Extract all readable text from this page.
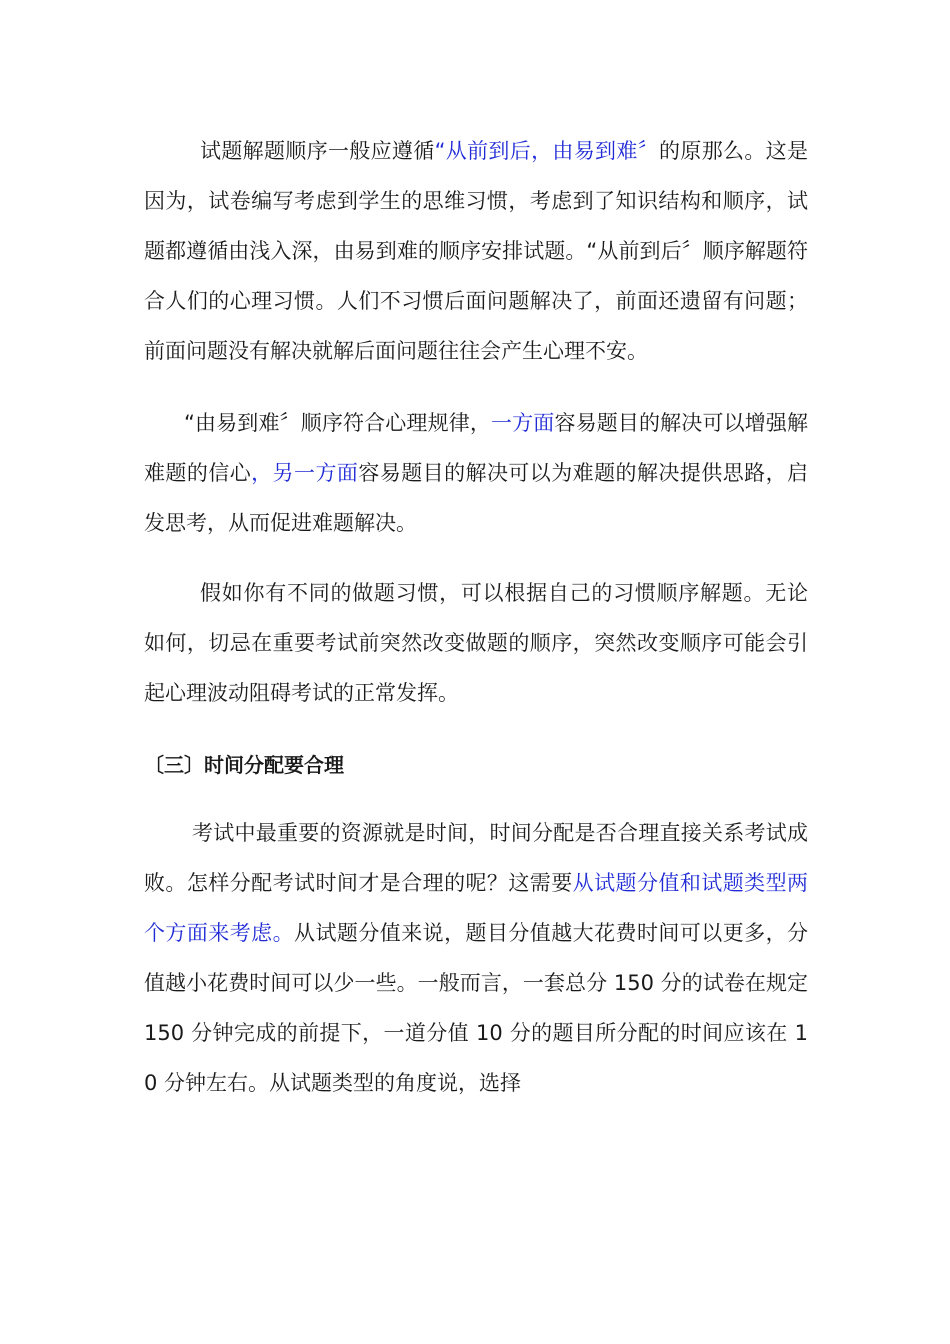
试题解题顺序一般应遵循“从前到后，由易到难〞的原那么。这是因为，试卷编写考虑到学生的思维习惯，考虑到了知识结构和顺序，试题都遵循由浅入深，由易到难的顺序安排试题。“从前到后〞顺序解题符合人们的心理习惯。人们不习惯后面问题解决了，前面还遗留有问题；前面问题没有解决就解后面问题往往会产生心理不安。

“由易到难〞顺序符合心理规律，一方面容易题目的解决可以增强解难题的信心，另一方面容易题目的解决可以为难题的解决提供思路，启发思考，从而促进难题解决。

假如你有不同的做题习惯，可以根据自己的习惯顺序解题。无论如何，切忌在重要考试前突然改变做题的顺序，突然改变顺序可能会引起心理波动阻碍考试的正常发挥。

〔三〕时间分配要合理

考试中最重要的资源就是时间，时间分配是否合理直接关系考试成败。怎样分配考试时间才是合理的呢？这需要从试题分值和试题类型两个方面来考虑。从试题分值来说，题目分值越大花费时间可以更多，分值越小花费时间可以少一些。一般而言，一套总分 150 分的试卷在规定 150 分钟完成的前提下，一道分值 10 分的题目所分配的时间应该在 10 分钟左右。从试题类型的角度说，选择
